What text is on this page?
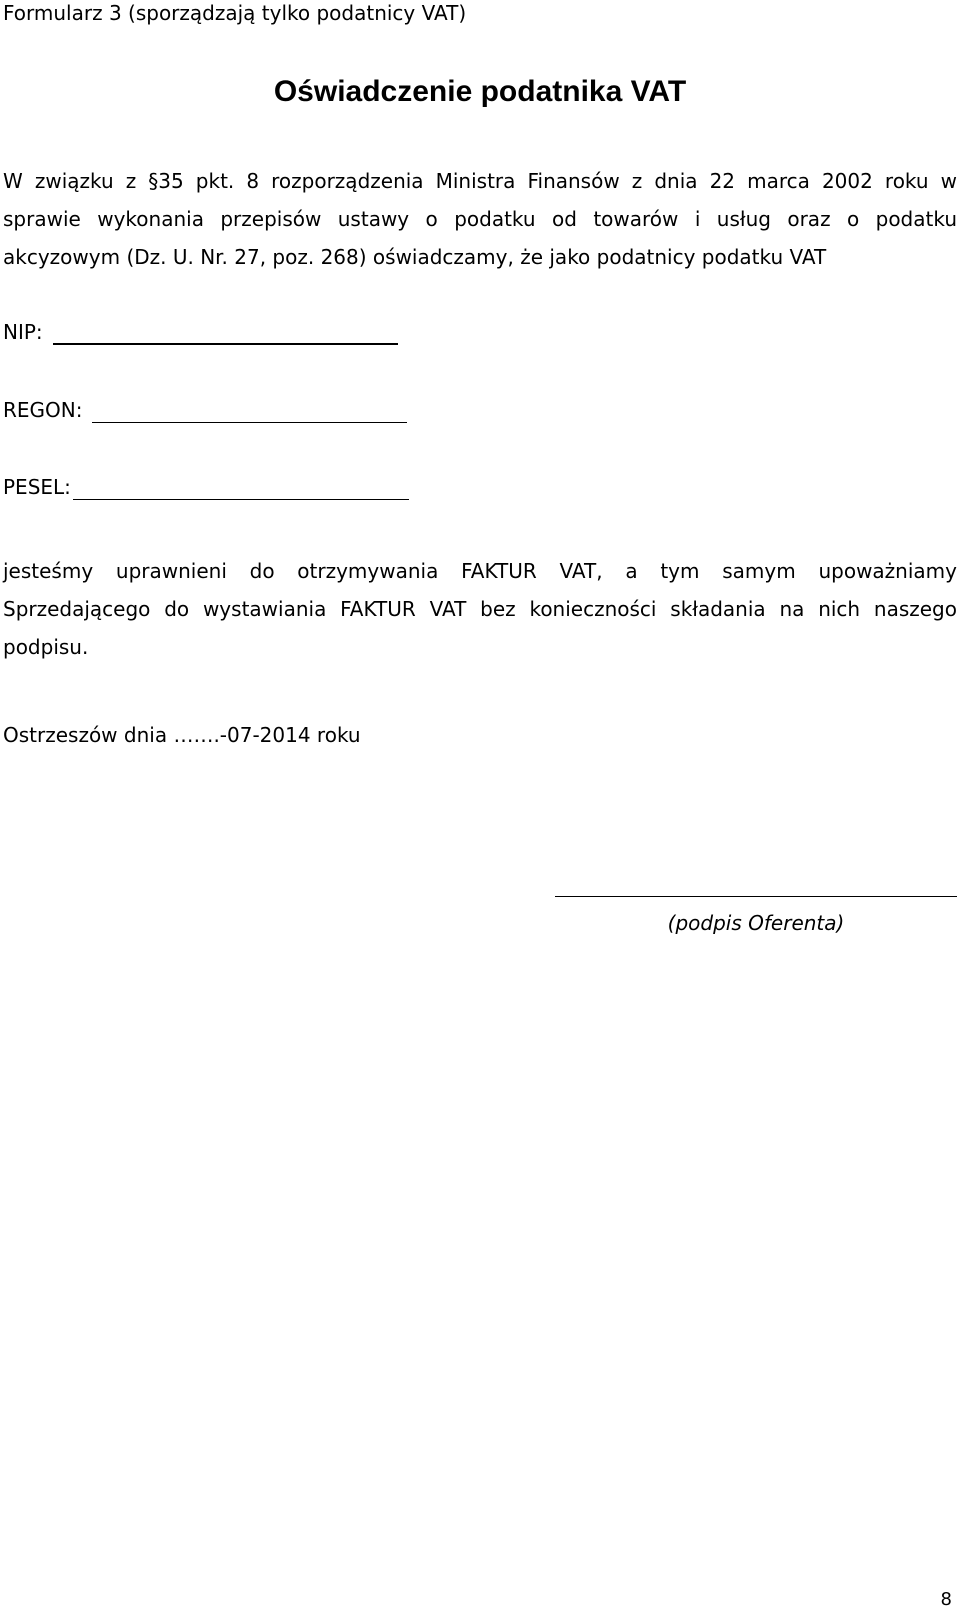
Formularz 3 (sporządzają tylko podatnicy VAT)
Oświadczenie podatnika VAT
W związku z §35 pkt. 8 rozporządzenia Ministra Finansów z dnia 22 marca 2002 roku w
sprawie wykonania przepisów ustawy o podatku od towarów i usług oraz o podatku
akcyzowym (Dz. U. Nr. 27, poz. 268) oświadczamy, że jako podatnicy podatku VAT
NIP:
REGON:
PESEL:
jesteśmy uprawnieni do otrzymywania FAKTUR VAT, a tym samym upoważniamy
Sprzedającego do wystawiania FAKTUR VAT bez konieczności składania na nich naszego
podpisu.
Ostrzeszów dnia …….-07-2014 roku
(podpis Oferenta)
8
